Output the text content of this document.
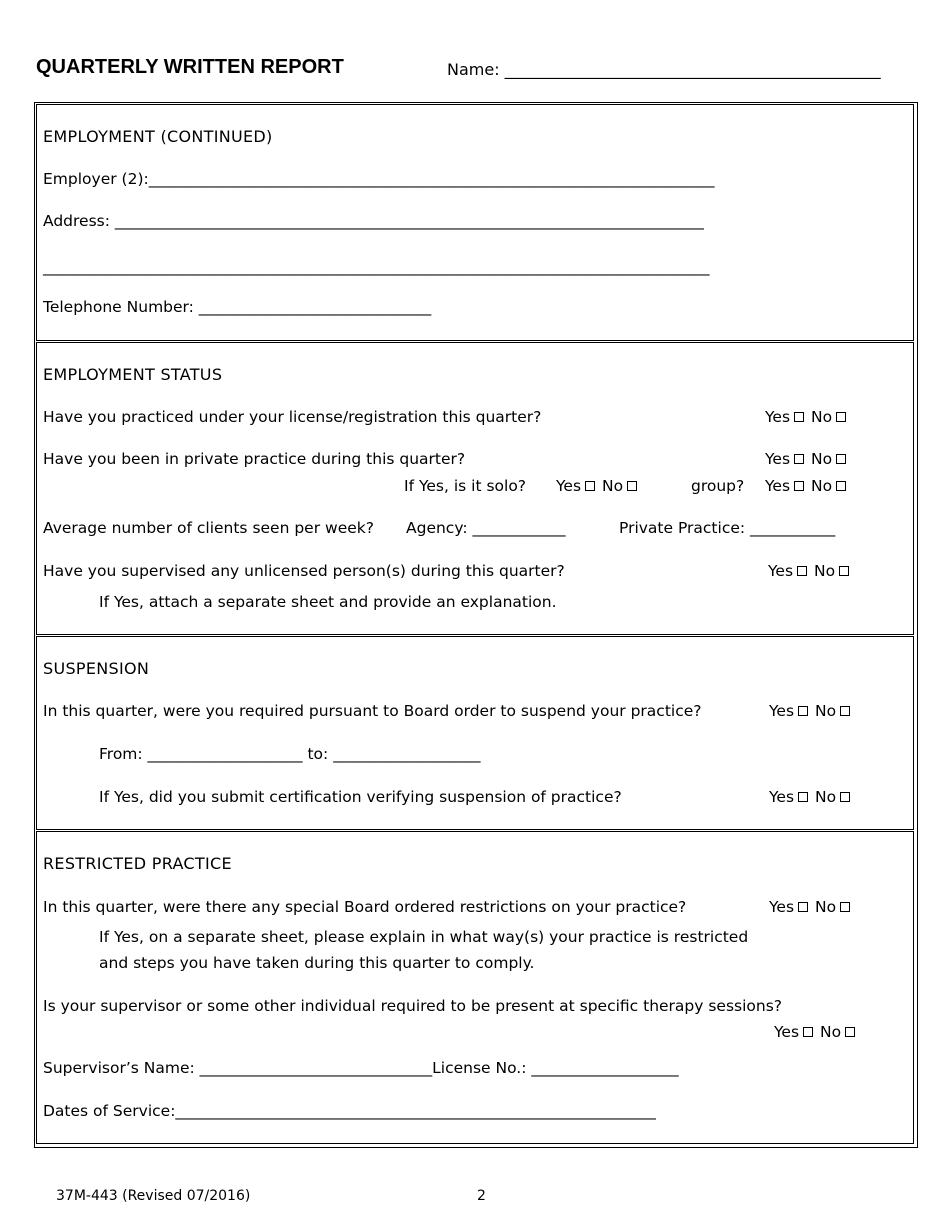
QUARTERLY WRITTEN REPORT	Name: _______________________________________________
EMPLOYMENT (CONTINUED)
Employer (2):_________________________________________________________________________
Address: ____________________________________________________________________________
______________________________________________________________________________________
Telephone Number: ______________________________
EMPLOYMENT STATUS
Have you practiced under your license/registration this quarter?	Yes No
Have you been in private practice during this quarter?	Yes No
If Yes, is it solo? Yes No	group? Yes No
Average number of clients seen per week? Agency: ____________	Private Practice: ___________
Have you supervised any unlicensed person(s) during this quarter?	Yes No
If Yes, attach a separate sheet and provide an explanation.
SUSPENSION
In this quarter, were you required pursuant to Board order to suspend your practice?	Yes No
From: ____________________ to: ___________________
If Yes, did you submit certification verifying suspension of practice?	Yes No
RESTRICTED PRACTICE
In this quarter, were there any special Board ordered restrictions on your practice?	Yes No
If Yes, on a separate sheet, please explain in what way(s) your practice is restricted
and steps you have taken during this quarter to comply.
Is your supervisor or some other individual required to be present at specific therapy sessions?
Yes No
Supervisor’s Name: ______________________________License No.: ___________________
Dates of Service:______________________________________________________________
37M-443 (Revised 07/2016)	2
